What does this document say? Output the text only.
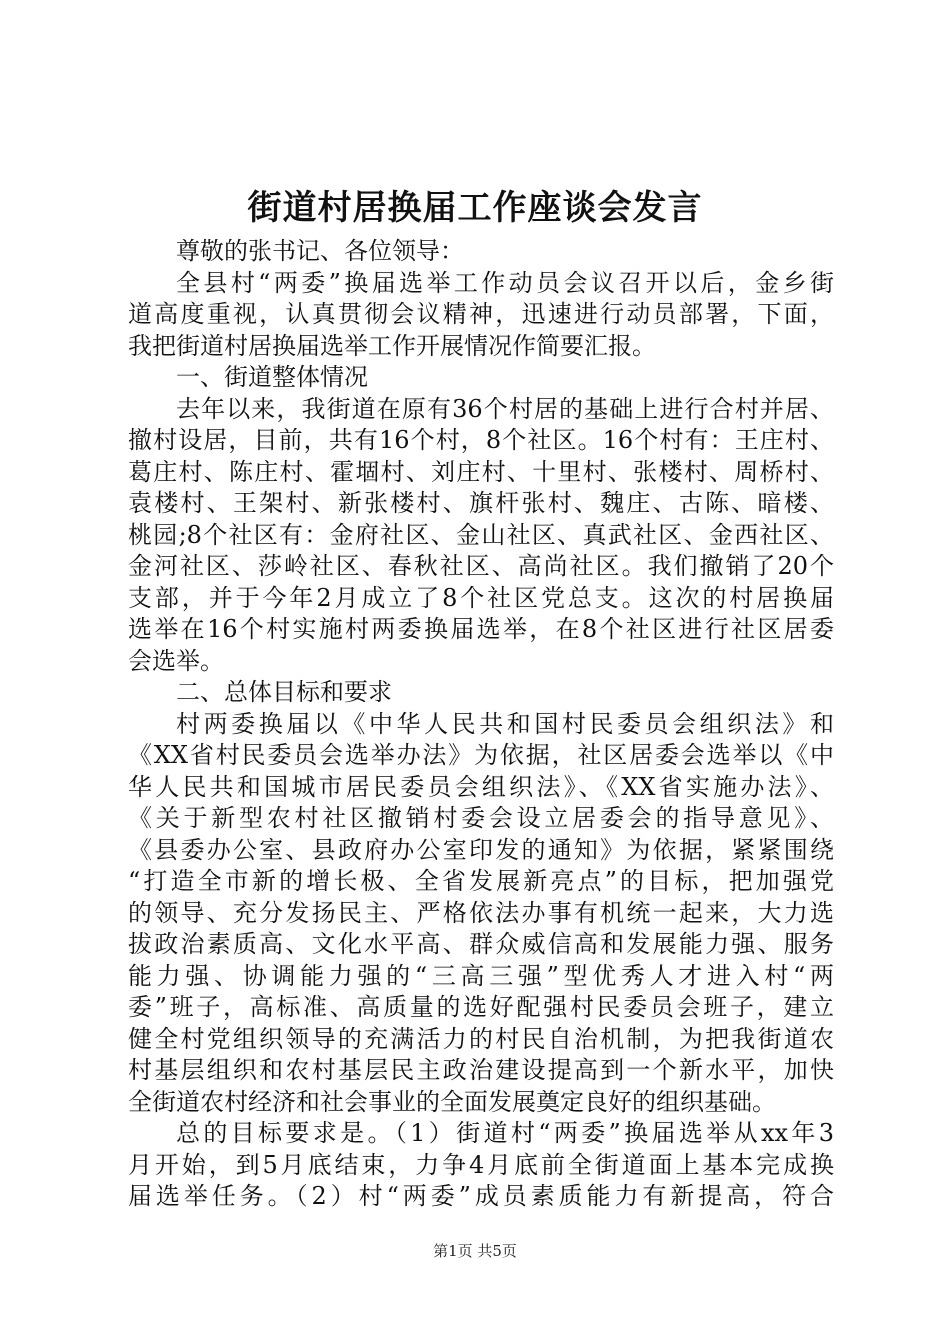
街道村居换届工作座谈会发言
尊敬的张书记、各位领导：
全县村“两委”换届选举工作动员会议召开以后，金乡街
道高度重视，认真贯彻会议精神，迅速进行动员部署，下面，
我把街道村居换届选举工作开展情况作简要汇报。
一、街道整体情况
去年以来，我街道在原有36个村居的基础上进行合村并居、
撤村设居，目前，共有16个村，8个社区。16个村有：王庄村、
葛庄村、陈庄村、霍堌村、刘庄村、十里村、张楼村、周桥村、
袁楼村、王架村、新张楼村、旗杆张村、魏庄、古陈、暗楼、
桃园;8个社区有：金府社区、金山社区、真武社区、金西社区、
金河社区、莎岭社区、春秋社区、高尚社区。我们撤销了20个
支部，并于今年2月成立了8个社区党总支。这次的村居换届
选举在16个村实施村两委换届选举，在8个社区进行社区居委
会选举。
二、总体目标和要求
村两委换届以《中华人民共和国村民委员会组织法》和
《XX省村民委员会选举办法》为依据，社区居委会选举以《中
华人民共和国城市居民委员会组织法》、《XX省实施办法》、
《关于新型农村社区撤销村委会设立居委会的指导意见》、
《县委办公室、县政府办公室印发的通知》为依据，紧紧围绕
“打造全市新的增长极、全省发展新亮点”的目标，把加强党
的领导、充分发扬民主、严格依法办事有机统一起来，大力选
拔政治素质高、文化水平高、群众威信高和发展能力强、服务
能力强、协调能力强的“三高三强”型优秀人才进入村“两
委”班子，高标准、高质量的选好配强村民委员会班子，建立
健全村党组织领导的充满活力的村民自治机制，为把我街道农
村基层组织和农村基层民主政治建设提高到一个新水平，加快
全街道农村经济和社会事业的全面发展奠定良好的组织基础。
总的目标要求是。（1）街道村“两委”换届选举从xx年3
月开始，到5月底结束，力争4月底前全街道面上基本完成换
届选举任务。（2）村“两委”成员素质能力有新提高，符合
第1页 共5页
